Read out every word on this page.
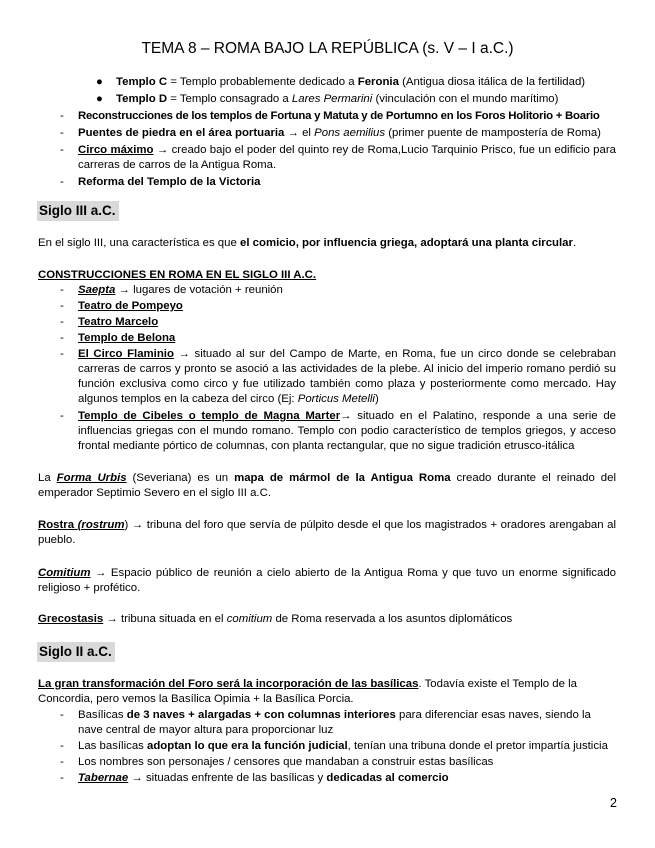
TEMA 8 – ROMA BAJO LA REPÚBLICA (s. V – I a.C.)
● Templo C = Templo probablemente dedicado a Feronia (Antigua diosa itálica de la fertilidad)
● Templo D = Templo consagrado a Lares Permarini (vinculación con el mundo marítimo)
- Reconstrucciones de los templos de Fortuna y Matuta y de Portumno en los Foros Holitorio + Boario
- Puentes de piedra en el área portuaria → el Pons aemilius (primer puente de mampostería de Roma)
- Circo máximo → creado bajo el poder del quinto rey de Roma,Lucio Tarquinio Prisco, fue un edificio para carreras de carros de la Antigua Roma.
- Reforma del Templo de la Victoria
Siglo III a.C.
En el siglo III, una característica es que el comicio, por influencia griega, adoptará una planta circular.
CONSTRUCCIONES EN ROMA EN EL SIGLO III A.C.
- Saepta → lugares de votación + reunión
- Teatro de Pompeyo
- Teatro Marcelo
- Templo de Belona
- El Circo Flaminio → situado al sur del Campo de Marte, en Roma, fue un circo donde se celebraban carreras de carros y pronto se asoció a las actividades de la plebe. Al inicio del imperio romano perdió su función exclusiva como circo y fue utilizado también como plaza y posteriormente como mercado. Hay algunos templos en la cabeza del circo (Ej: Porticus Metelli)
- Templo de Cibeles o templo de Magna Marter→ situado en el Palatino, responde a una serie de influencias griegas con el mundo romano. Templo con podio característico de templos griegos, y acceso frontal mediante pórtico de columnas, con planta rectangular, que no sigue tradición etrusco-itálica
La Forma Urbis (Severiana) es un mapa de mármol de la Antigua Roma creado durante el reinado del emperador Septimio Severo en el siglo III a.C.
Rostra (rostrum) → tribuna del foro que servía de púlpito desde el que los magistrados + oradores arengaban al pueblo.
Comitium → Espacio público de reunión a cielo abierto de la Antigua Roma y que tuvo un enorme significado religioso + profético.
Grecostasis → tribuna situada en el comitium de Roma reservada a los asuntos diplomáticos
Siglo II a.C.
La gran transformación del Foro será la incorporación de las basílicas. Todavía existe el Templo de la Concordia, pero vemos la Basílica Opimia + la Basílica Porcia.
- Basílicas de 3 naves + alargadas + con columnas interiores para diferenciar esas naves, siendo la nave central de mayor altura para proporcionar luz
- Las basílicas adoptan lo que era la función judicial, tenían una tribuna donde el pretor impartía justicia
- Los nombres son personajes / censores que mandaban a construir estas basílicas
- Tabernae → situadas enfrente de las basílicas y dedicadas al comercio
2
